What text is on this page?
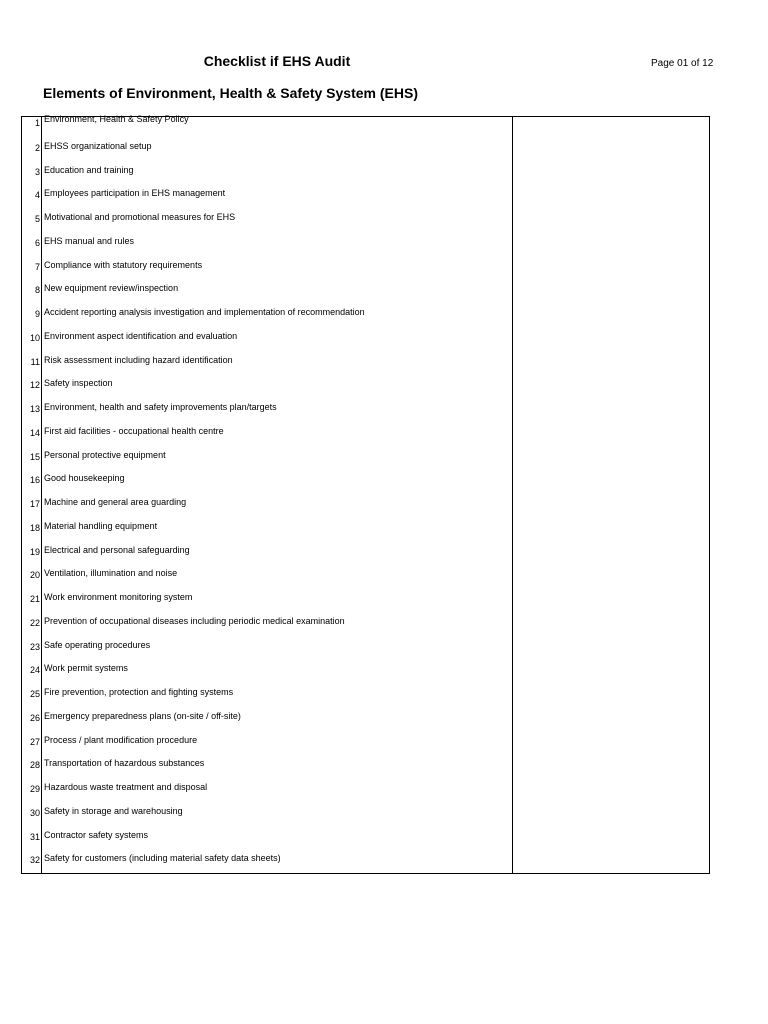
Checklist if EHS Audit	Page 01 of 12
Elements of Environment, Health & Safety System (EHS)
1 Environment, Health & Safety Policy
2 EHSS organizational setup
3 Education and training
4 Employees participation in EHS management
5 Motivational and promotional measures for EHS
6 EHS manual and rules
7 Compliance with statutory requirements
8 New equipment review/inspection
9 Accident reporting analysis investigation and implementation of recommendation
10 Environment aspect identification and evaluation
11 Risk assessment including hazard identification
12 Safety inspection
13 Environment, health and safety improvements plan/targets
14 First aid facilities - occupational health centre
15 Personal protective equipment
16 Good housekeeping
17 Machine and general area guarding
18 Material handling equipment
19 Electrical and personal safeguarding
20 Ventilation, illumination and noise
21 Work environment monitoring system
22 Prevention of occupational diseases including periodic medical examination
23 Safe operating procedures
24 Work permit systems
25 Fire prevention, protection and fighting systems
26 Emergency preparedness plans (on-site / off-site)
27 Process / plant modification procedure
28 Transportation of hazardous substances
29 Hazardous waste treatment and disposal
30 Safety in storage and warehousing
31 Contractor safety systems
32 Safety for customers (including material safety data sheets)
